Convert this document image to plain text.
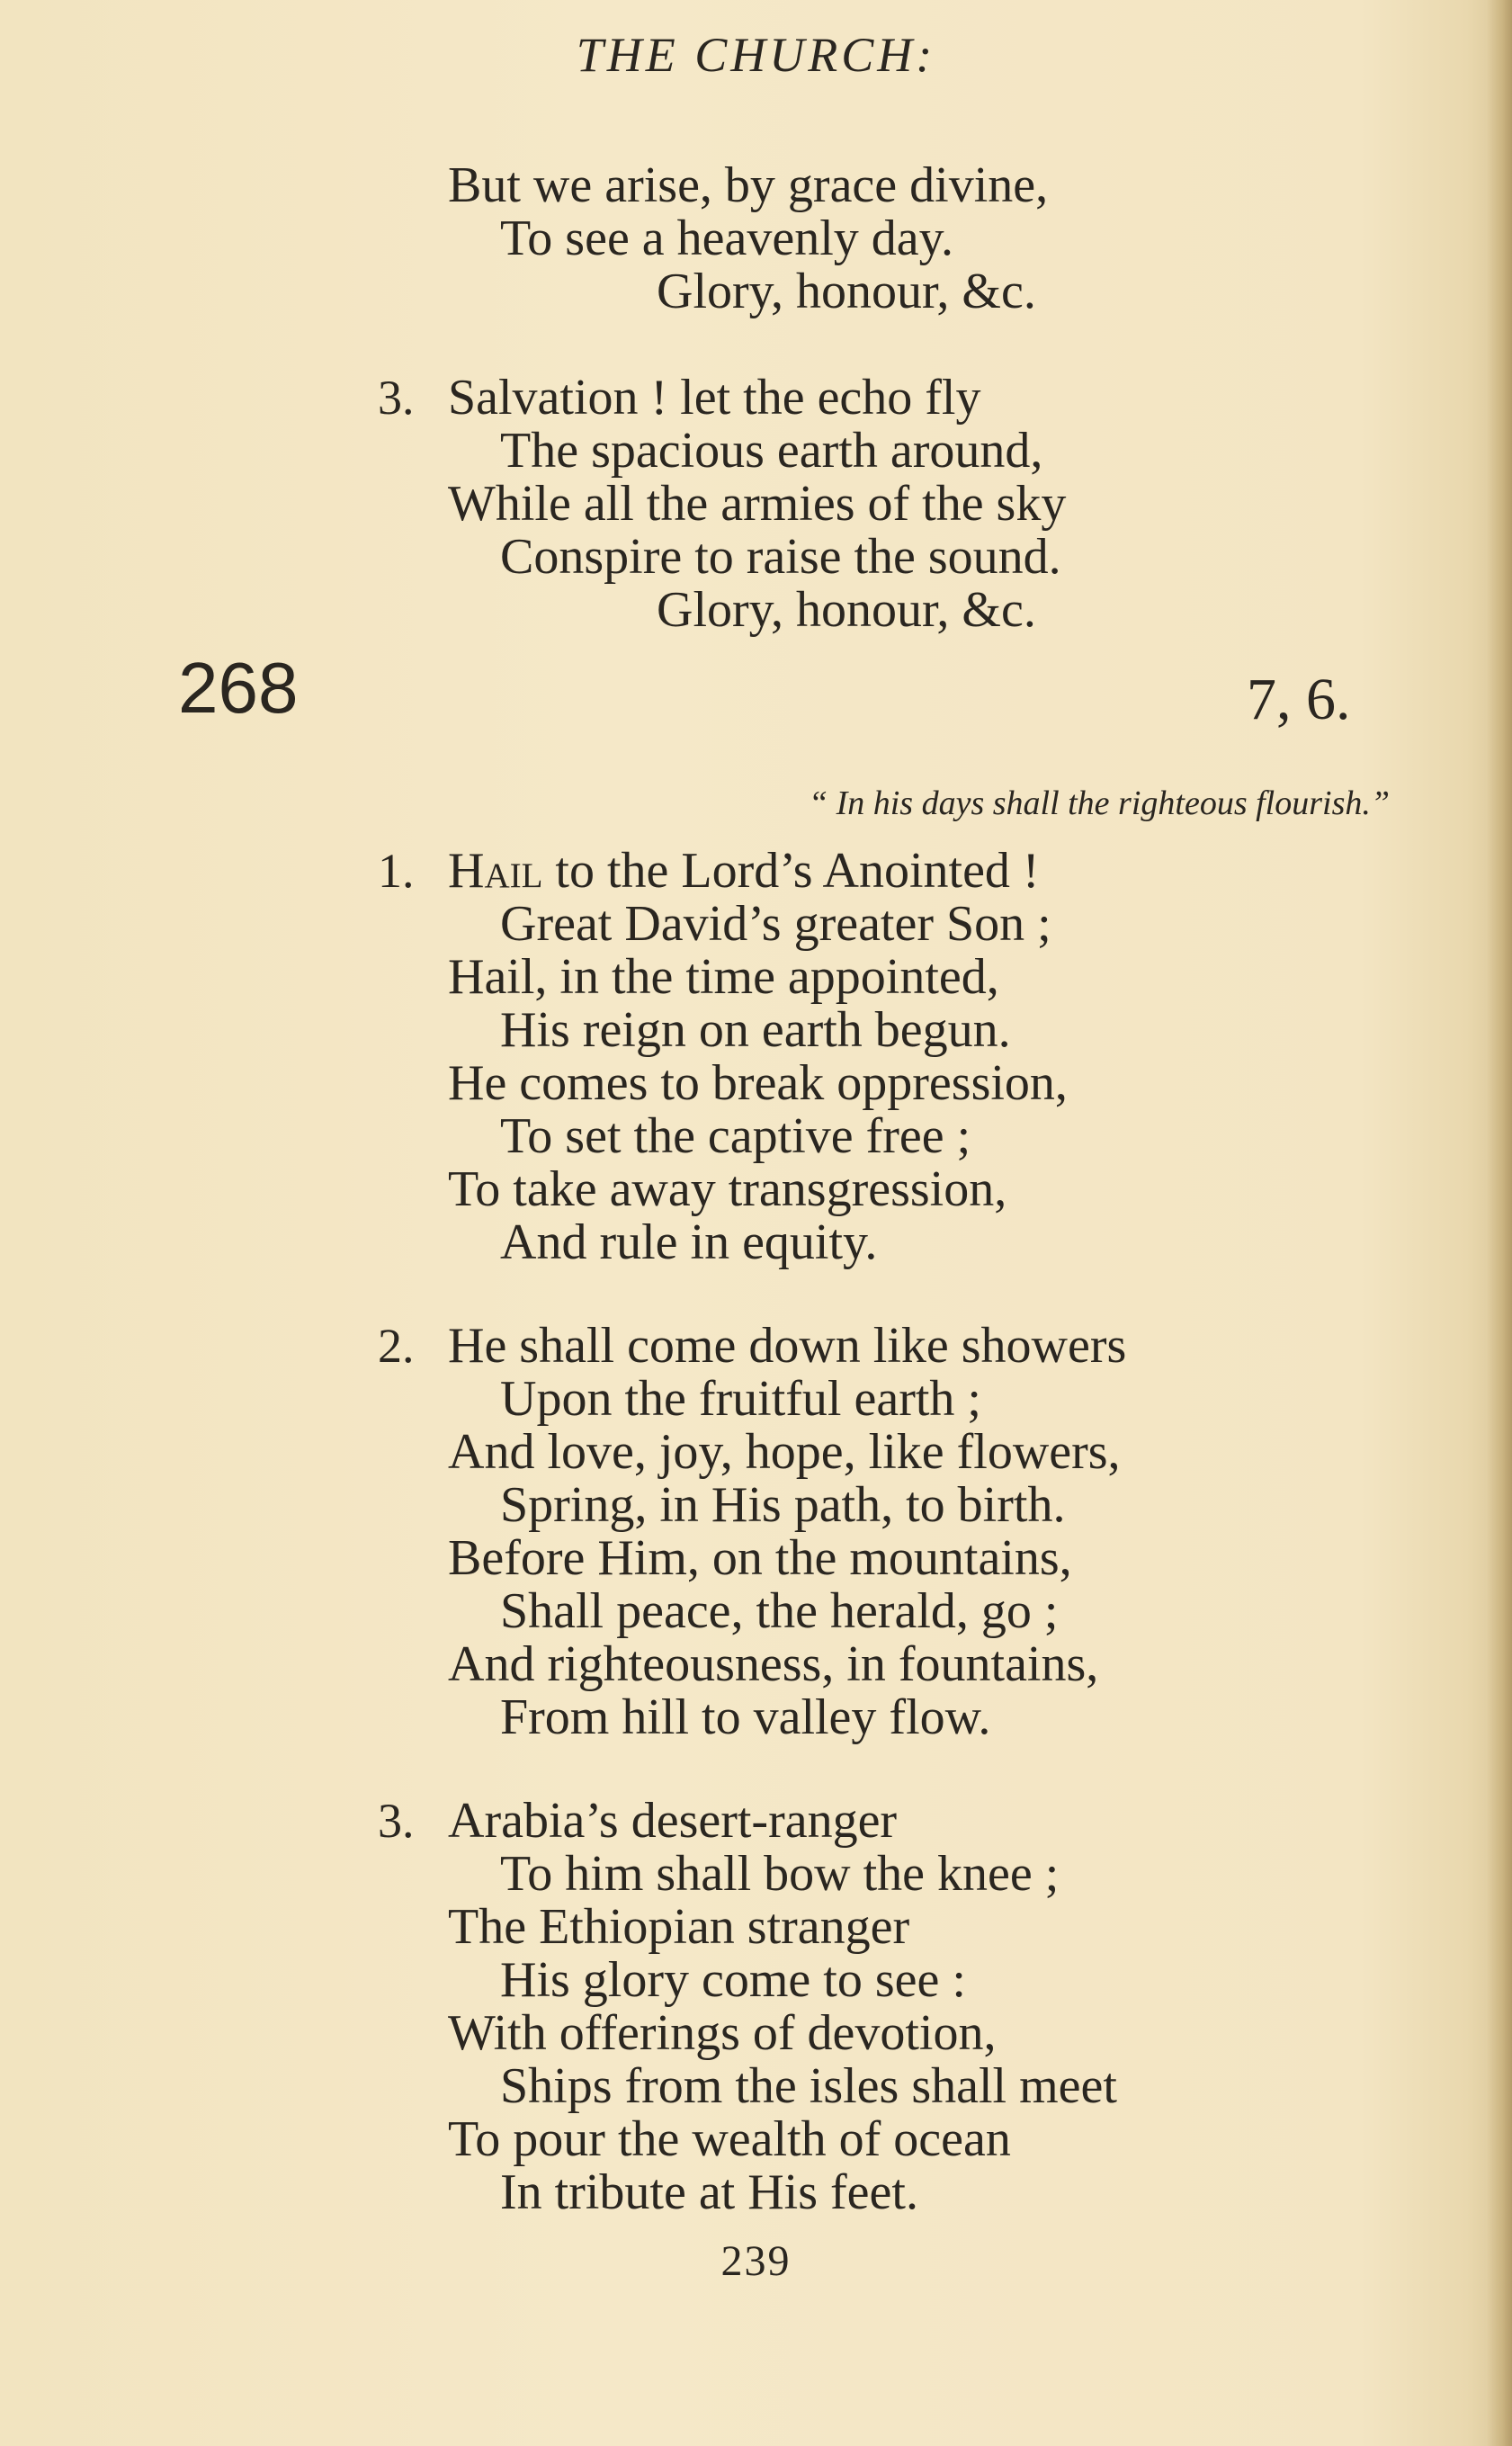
THE CHURCH:
But we arise, by grace divine,
To see a heavenly day.
Glory, honour, &c.
3. Salvation ! let the echo fly
The spacious earth around,
While all the armies of the sky
Conspire to raise the sound.
Glory, honour, &c.
268	7, 6.
“ In his days shall the righteous flourish.”
1. Hail to the Lord’s Anointed !
Great David’s greater Son ;
Hail, in the time appointed,
His reign on earth begun.
He comes to break oppression,
To set the captive free ;
To take away transgression,
And rule in equity.
2. He shall come down like showers
Upon the fruitful earth ;
And love, joy, hope, like flowers,
Spring, in His path, to birth.
Before Him, on the mountains,
Shall peace, the herald, go ;
And righteousness, in fountains,
From hill to valley flow.
3. Arabia’s desert-ranger
To him shall bow the knee ;
The Ethiopian stranger
His glory come to see :
With offerings of devotion,
Ships from the isles shall meet
To pour the wealth of ocean
In tribute at His feet.
239
